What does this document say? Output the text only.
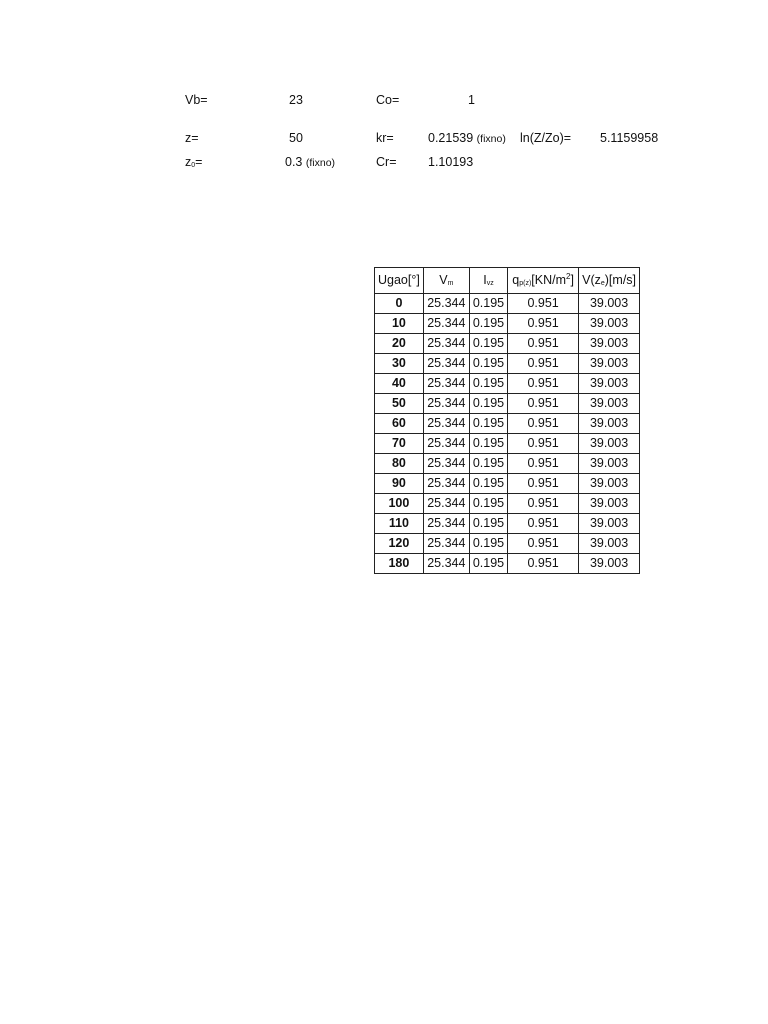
Vb=	23	Co=	1
z=	50	kr=	0.21539 (fixno) ln(Z/Zo)= 5.1159958
$z_0=$	0.3 (fixno)	Cr=	1.10193
Ugao[°]	$V_m$	$I_{vz}$	$q_{p(z)}[KN/m^2]$	$V(z_e)[m/s]$
0	25.344	0.195	0.951	39.003
10	25.344	0.195	0.951	39.003
20	25.344	0.195	0.951	39.003
30	25.344	0.195	0.951	39.003
40	25.344	0.195	0.951	39.003
50	25.344	0.195	0.951	39.003
60	25.344	0.195	0.951	39.003
70	25.344	0.195	0.951	39.003
80	25.344	0.195	0.951	39.003
90	25.344	0.195	0.951	39.003
100	25.344	0.195	0.951	39.003
110	25.344	0.195	0.951	39.003
120	25.344	0.195	0.951	39.003
180	25.344	0.195	0.951	39.003
